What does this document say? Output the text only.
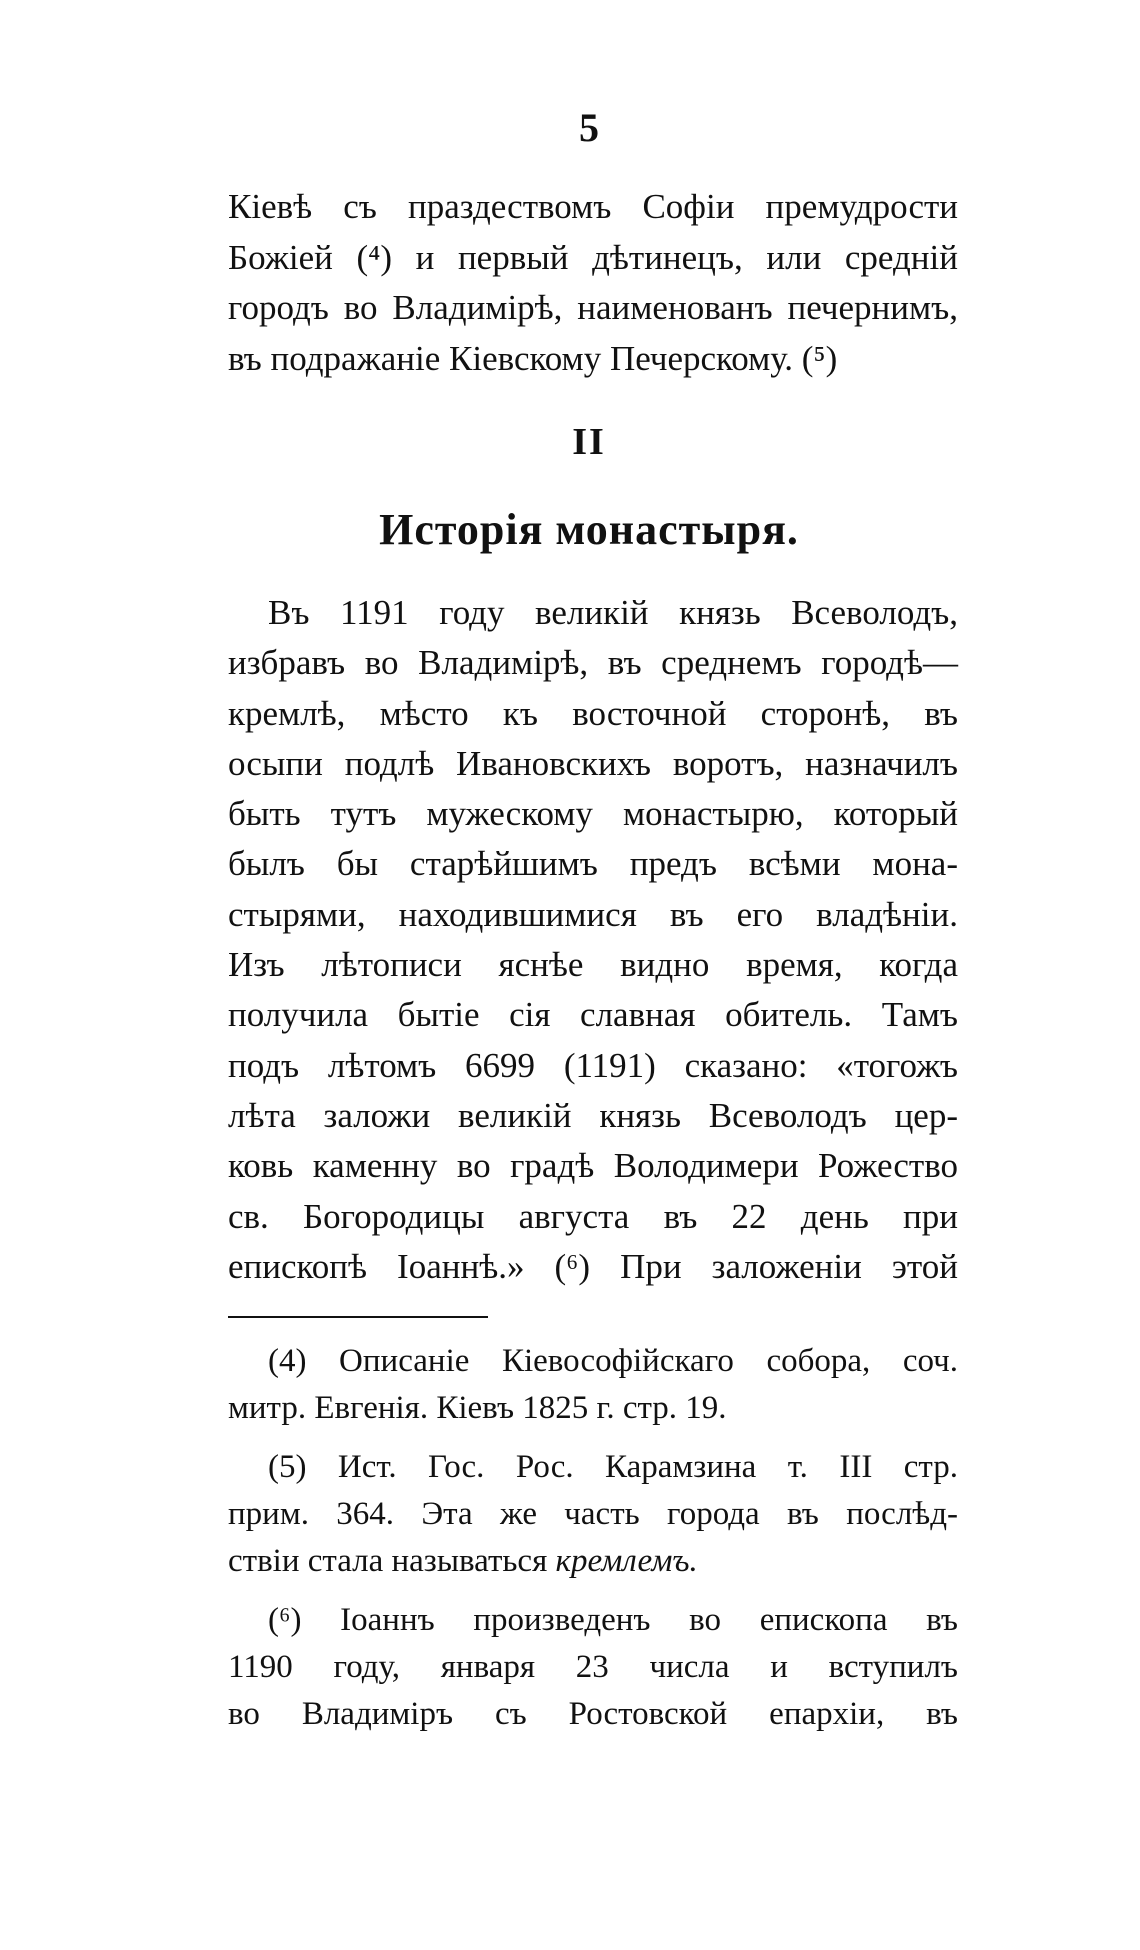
5
Кіевѣ съ праздествомъ Софіи премудрости
Божіей (⁴) и первый дѣтинецъ, или средній
городъ во Владимірѣ, наименованъ печернимъ,
въ подражаніе Кіевскому Печерскому. (⁵)
II
Исторія монастыря.
Въ 1191 году великій князь Всеволодъ,
избравъ во Владимірѣ, въ среднемъ городѣ—
кремлѣ, мѣсто къ восточной сторонѣ, въ
осыпи подлѣ Ивановскихъ воротъ, назначилъ
быть тутъ мужескому монастырю, который
былъ бы старѣйшимъ предъ всѣми мона-
стырями, находившимися въ его владѣніи.
Изъ лѣтописи яснѣе видно время, когда
получила бытіе сія славная обитель. Тамъ
подъ лѣтомъ 6699 (1191) сказано: «тогожъ
лѣта заложи великій князь Всеволодъ цер-
ковь каменну во градѣ Володимери Рожество
св. Богородицы августа въ 22 день при
епископѣ Іоаннѣ.» (⁶) При заложеніи этой
(4) Описаніе Кіевософійскаго собора, соч.
митр. Евгенія. Кіевъ 1825 г. стр. 19.
(5) Ист. Гос. Рос. Карамзина т. III стр.
прим. 364. Эта же часть города въ послѣд-
ствіи стала называться кремлемъ.
(⁶) Іоаннъ произведенъ во епископа въ
1190 году, января 23 числа и вступилъ
во Владиміръ съ Ростовской епархіи, въ
